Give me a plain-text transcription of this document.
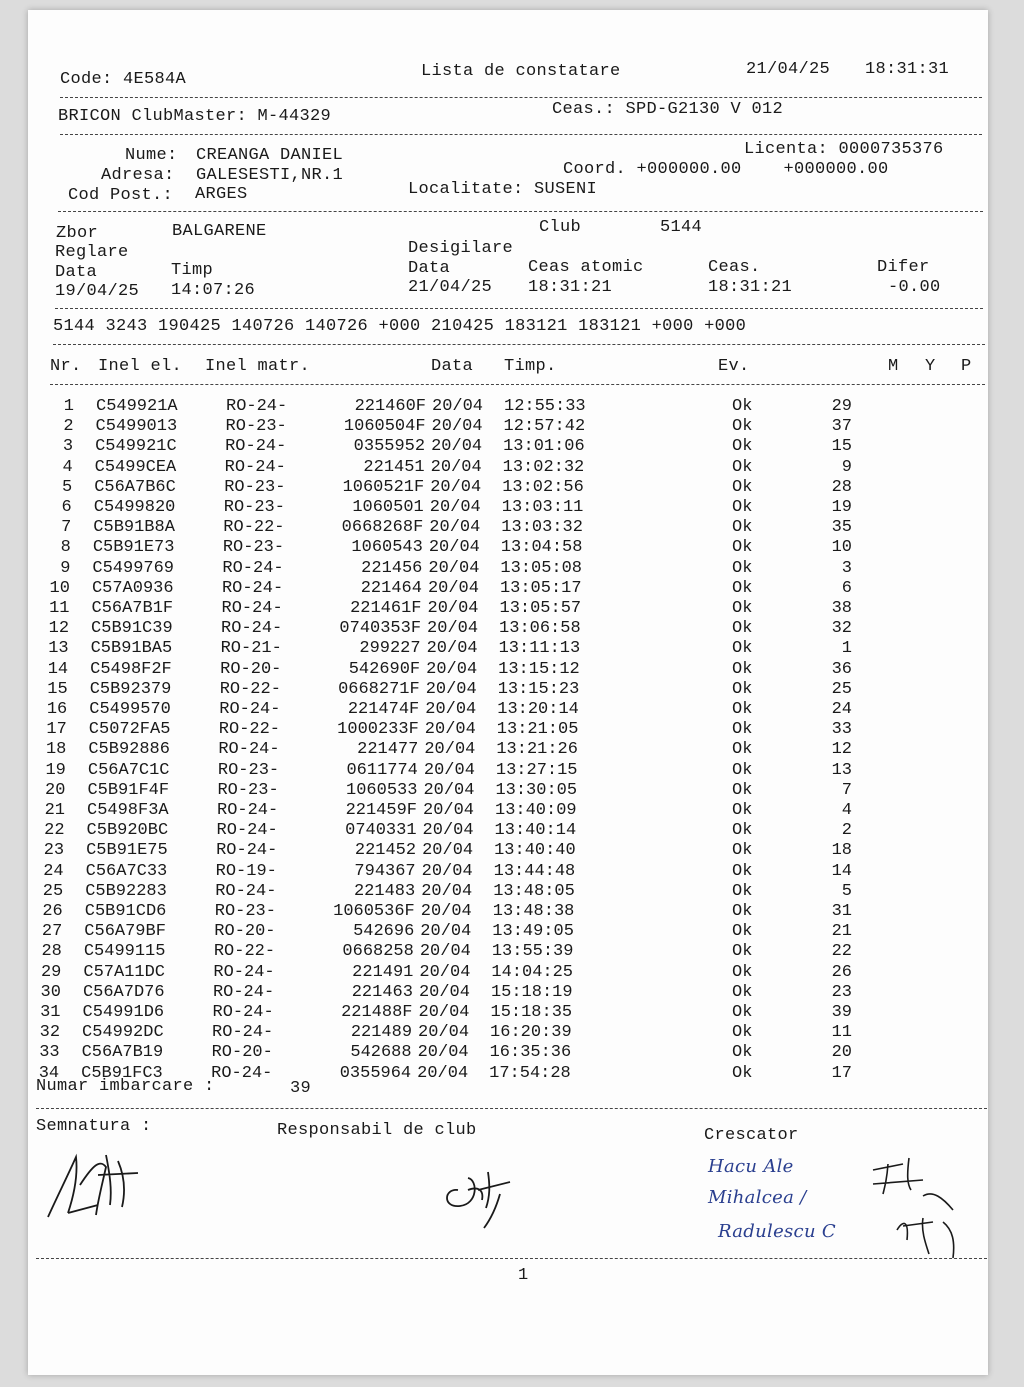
Code: 4E584A	Lista de constatare	21/04/25 18:31:31
BRICON ClubMaster: M-44329	Ceas.: SPD-G2130 V 012
Nume: CREANGA DANIEL	Licenta: 0000735376
Adresa: GALESESTI,NR.1	Coord. +000000.00    +000000.00
Cod Post.: ARGES	Localitate: SUSENI
Zbor	BALGARENE	Club	5144
Reglare	Desigilare
Data	Timp	Data	Ceas atomic	Ceas.	Difer
19/04/25 14:07:26	21/04/25 18:31:21	18:31:21	-0.00
5144 3243 190425 140726 140726 +000 210425 183121 183121 +000 +000
Nr. Inel el. Inel matr.	Data Timp.	Ev.	M Y P
1 C549921A	RO-24-	221460F 20/04 12:55:33	Ok	29
2 C5499013	RO-23-	1060504F 20/04 12:57:42	Ok	37
3 C549921C	RO-24-	0355952 20/04 13:01:06	Ok	15
4 C5499CEA	RO-24-	221451 20/04 13:02:32	Ok	9
5 C56A7B6C	RO-23-	1060521F 20/04 13:02:56	Ok	28
6 C5499820	RO-23-	1060501 20/04 13:03:11	Ok	19
7 C5B91B8A	RO-22-	0668268F 20/04 13:03:32	Ok	35
8 C5B91E73	RO-23-	1060543 20/04 13:04:58	Ok	10
9 C5499769	RO-24-	221456 20/04 13:05:08	Ok	3
10 C57A0936	RO-24-	221464 20/04 13:05:17	Ok	6
11 C56A7B1F	RO-24-	221461F 20/04 13:05:57	Ok	38
12 C5B91C39	RO-24-	0740353F 20/04 13:06:58	Ok	32
13 C5B91BA5	RO-21-	299227 20/04 13:11:13	Ok	1
14 C5498F2F	RO-20-	542690F 20/04 13:15:12	Ok	36
15 C5B92379	RO-22-	0668271F 20/04 13:15:23	Ok	25
16 C5499570	RO-24-	221474F 20/04 13:20:14	Ok	24
17 C5072FA5	RO-22-	1000233F 20/04 13:21:05	Ok	33
18 C5B92886	RO-24-	221477 20/04 13:21:26	Ok	12
19 C56A7C1C	RO-23-	0611774 20/04 13:27:15	Ok	13
20 C5B91F4F	RO-23-	1060533 20/04 13:30:05	Ok	7
21 C5498F3A	RO-24-	221459F 20/04 13:40:09	Ok	4
22 C5B920BC	RO-24-	0740331 20/04 13:40:14	Ok	2
23 C5B91E75	RO-24-	221452 20/04 13:40:40	Ok	18
24 C56A7C33	RO-19-	794367 20/04 13:44:48	Ok	14
25 C5B92283	RO-24-	221483 20/04 13:48:05	Ok	5
26 C5B91CD6	RO-23-	1060536F 20/04 13:48:38	Ok	31
27 C56A79BF	RO-20-	542696 20/04 13:49:05	Ok	21
28 C5499115	RO-22-	0668258 20/04 13:55:39	Ok	22
29 C57A11DC	RO-24-	221491 20/04 14:04:25	Ok	26
30 C56A7D76	RO-24-	221463 20/04 15:18:19	Ok	23
31 C54991D6	RO-24-	221488F 20/04 15:18:35	Ok	39
32 C54992DC	RO-24-	221489 20/04 16:20:39	Ok	11
33 C56A7B19	RO-20-	542688 20/04 16:35:36	Ok	20
34 C5B91FC3	RO-24-	0355964 20/04 17:54:28	Ok	17
Numar imbarcare :	39
Semnatura :	Responsabil de club	Crescator
Hacu Ale
Mihalcea /
Radulescu C
1
